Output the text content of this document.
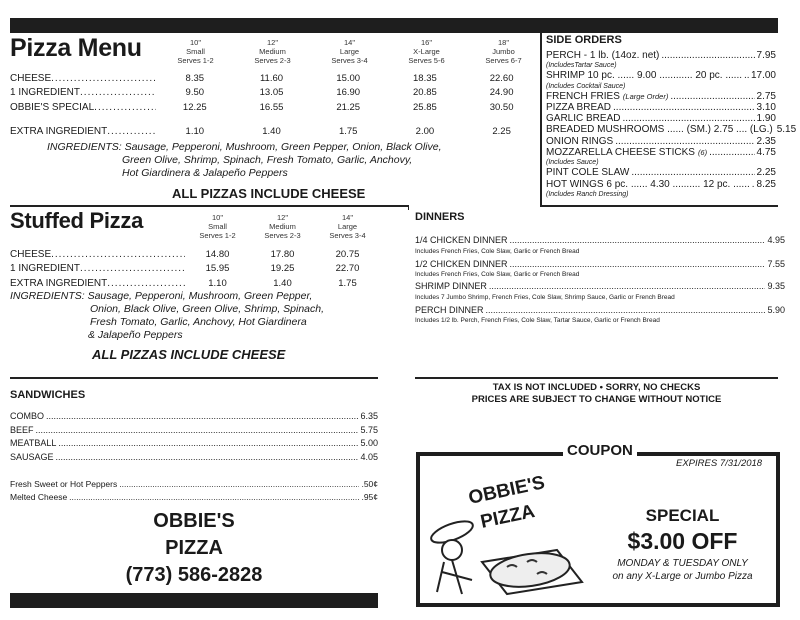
Pizza Menu	10"
Small
Serves 1-2
12"
Medium
Serves 2-3
14"
Large
Serves 3-4
16"
X-Large
Serves 5-6
18"
Jumbo
Serves 6-7
CHEESE .....	8.35	11.60	15.00	18.35	22.60
1 INGREDIENT .....	9.50	13.05	16.90	20.85	24.90
OBBIE'S SPECIAL .....	12.25	16.55	21.25	25.85	30.50
EXTRA INGREDIENT .....	1.10	1.40	1.75	2.00	2.25
INGREDIENTS: Sausage, Pepperoni, Mushroom, Green Pepper, Onion, Black Olive,
Green Olive, Shrimp, Spinach, Fresh Tomato, Garlic, Anchovy,
Hot Giardinera & Jalapeño Peppers
ALL PIZZAS INCLUDE CHEESE
SIDE ORDERS
PERCH - 1 lb. (14oz. net) .....	7.95
(IncludesTartar Sauce)
SHRIMP 10 pc. ...... 9.00 ............ 20 pc. ...... ..... 17.00
(Includes Cocktail Sauce)
FRENCH FRIES (Large Order) .....	2.75
PIZZA BREAD .....	3.10
GARLIC BREAD .....	1.90
BREADED MUSHROOMS ...... (SM.) 2.75 .... (LG.) 5.15
ONION RINGS .....	2.35
MOZZARELLA CHEESE STICKS (6) .....	4.75
(Includes Sauce)
PINT COLE SLAW .....	2.25
HOT WINGS 6 pc. ...... 4.30 .......... 12 pc. ...... ..... 8.25
(Includes Ranch Dressing)
Stuffed Pizza	10"
Small
Serves 1-2
12"
Medium
Serves 2-3
14"
Large
Serves 3-4
CHEESE .....	14.80	17.80	20.75
1 INGREDIENT .....	15.95	19.25	22.70
EXTRA INGREDIENT .....	1.10	1.40	1.75
INGREDIENTS: Sausage, Pepperoni, Mushroom, Green Pepper,
Onion, Black Olive, Green Olive, Shrimp, Spinach,
Fresh Tomato, Garlic, Anchovy, Hot Giardinera
& Jalapeño Peppers
ALL PIZZAS INCLUDE CHEESE
DINNERS
1/4 CHICKEN DINNER .....	4.95
Includes French Fries, Cole Slaw, Garlic or French Bread
1/2 CHICKEN DINNER .....	7.55
Includes French Fries, Cole Slaw, Garlic or French Bread
SHRIMP DINNER .....	9.35
Includes 7 Jumbo Shrimp, French Fries, Cole Slaw, Shrimp Sauce, Garlic or French Bread
PERCH DINNER .....	5.90
Includes 1/2 lb. Perch, French Fries, Cole Slaw, Tartar Sauce, Garlic or French Bread
SANDWICHES
COMBO .....	6.35
BEEF .....	5.75
MEATBALL .....	5.00
SAUSAGE .....	4.05
Fresh Sweet or Hot Peppers .....	.50¢
Melted Cheese .....	.95¢
OBBIE'S
PIZZA
(773) 586-2828
TAX IS NOT INCLUDED • SORRY, NO CHECKS
PRICES ARE SUBJECT TO CHANGE WITHOUT NOTICE
COUPON
EXPIRES 7/31/2018
OBBIE'S
PIZZA	SPECIAL
$3.00 OFF
MONDAY & TUESDAY ONLY
on any X-Large or Jumbo Pizza
